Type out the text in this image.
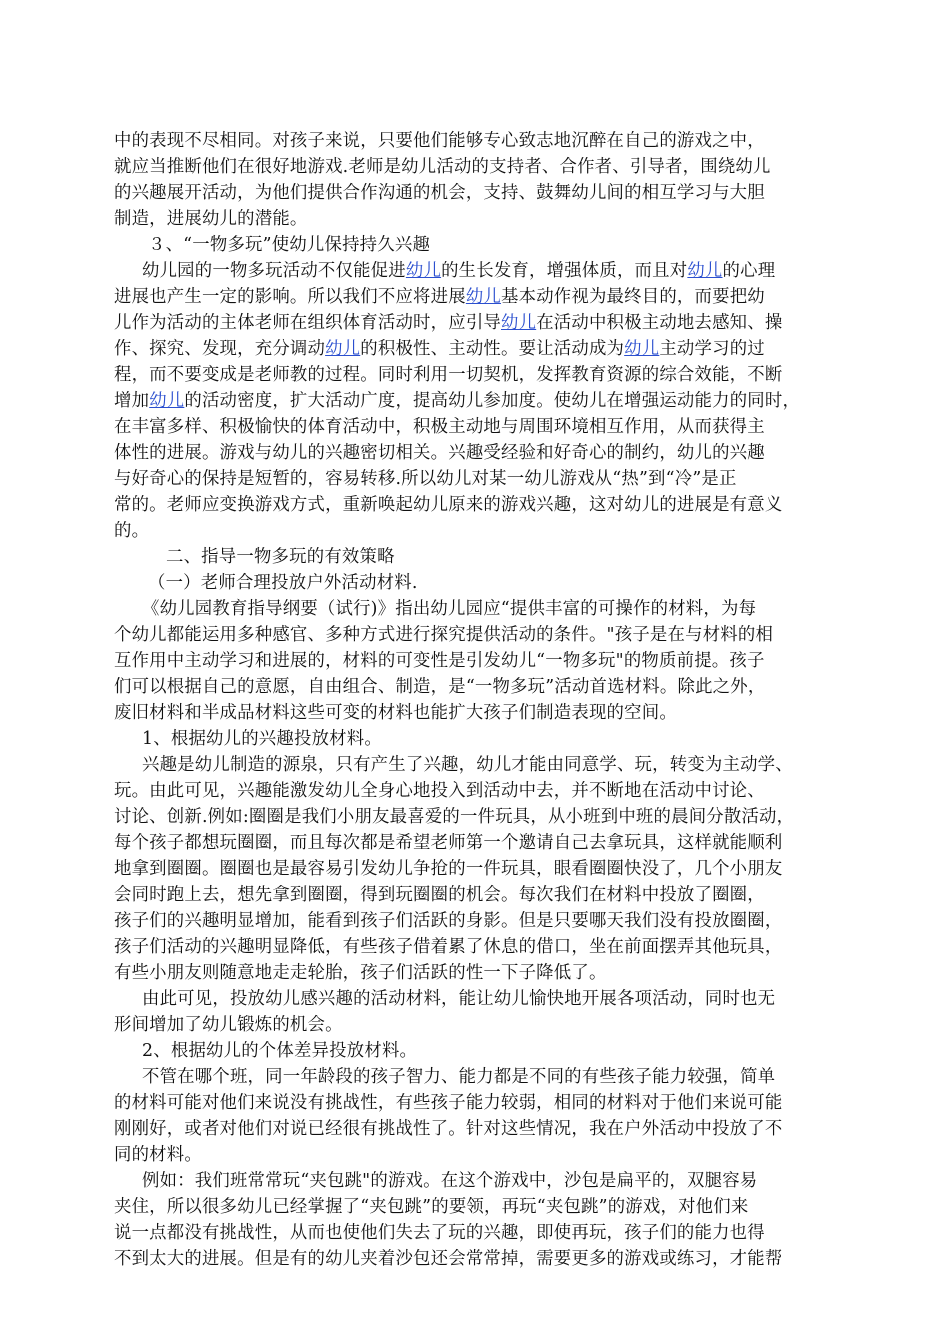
中的表现不尽相同。对孩子来说，只要他们能够专心致志地沉醉在自己的游戏之中，
就应当推断他们在很好地游戏.老师是幼儿活动的支持者、合作者、引导者，围绕幼儿
的兴趣展开活动，为他们提供合作沟通的机会，支持、鼓舞幼儿间的相互学习与大胆
制造，进展幼儿的潜能。
３、“一物多玩”使幼儿保持持久兴趣
幼儿园的一物多玩活动不仅能促进幼儿的生长发育，增强体质，而且对幼儿的心理
进展也产生一定的影响。所以我们不应将进展幼儿基本动作视为最终目的，而要把幼
儿作为活动的主体老师在组织体育活动时，应引导幼儿在活动中积极主动地去感知、操
作、探究、发现，充分调动幼儿的积极性、主动性。要让活动成为幼儿主动学习的过
程，而不要变成是老师教的过程。同时利用一切契机，发挥教育资源的综合效能，不断
增加幼儿的活动密度，扩大活动广度，提高幼儿参加度。使幼儿在增强运动能力的同时，
在丰富多样、积极愉快的体育活动中，积极主动地与周围环境相互作用，从而获得主
体性的进展。游戏与幼儿的兴趣密切相关。兴趣受经验和好奇心的制约，幼儿的兴趣
与好奇心的保持是短暂的，容易转移.所以幼儿对某一幼儿游戏从“热”到“冷”是正
常的。老师应变换游戏方式，重新唤起幼儿原来的游戏兴趣，这对幼儿的进展是有意义
的。
二、指导一物多玩的有效策略
（一）老师合理投放户外活动材料.
《幼儿园教育指导纲要（试行)》指出幼儿园应“提供丰富的可操作的材料，为每
个幼儿都能运用多种感官、多种方式进行探究提供活动的条件。"孩子是在与材料的相
互作用中主动学习和进展的，材料的可变性是引发幼儿“一物多玩"的物质前提。孩子
们可以根据自己的意愿，自由组合、制造，是“一物多玩”活动首选材料。除此之外，
废旧材料和半成品材料这些可变的材料也能扩大孩子们制造表现的空间。
1、根据幼儿的兴趣投放材料。
兴趣是幼儿制造的源泉，只有产生了兴趣，幼儿才能由同意学、玩，转变为主动学、
玩。由此可见，兴趣能激发幼儿全身心地投入到活动中去，并不断地在活动中讨论、
讨论、创新.例如:圈圈是我们小朋友最喜爱的一件玩具，从小班到中班的晨间分散活动，
每个孩子都想玩圈圈，而且每次都是希望老师第一个邀请自己去拿玩具，这样就能顺利
地拿到圈圈。圈圈也是最容易引发幼儿争抢的一件玩具，眼看圈圈快没了，几个小朋友
会同时跑上去，想先拿到圈圈，得到玩圈圈的机会。每次我们在材料中投放了圈圈，
孩子们的兴趣明显增加，能看到孩子们活跃的身影。但是只要哪天我们没有投放圈圈，
孩子们活动的兴趣明显降低，有些孩子借着累了休息的借口，坐在前面摆弄其他玩具，
有些小朋友则随意地走走轮胎，孩子们活跃的性一下子降低了。
由此可见，投放幼儿感兴趣的活动材料，能让幼儿愉快地开展各项活动，同时也无
形间增加了幼儿锻炼的机会。
2、根据幼儿的个体差异投放材料。
不管在哪个班，同一年龄段的孩子智力、能力都是不同的有些孩子能力较强，简单
的材料可能对他们来说没有挑战性，有些孩子能力较弱，相同的材料对于他们来说可能
刚刚好，或者对他们对说已经很有挑战性了。针对这些情况，我在户外活动中投放了不
同的材料。
例如：我们班常常玩“夹包跳"的游戏。在这个游戏中，沙包是扁平的，双腿容易
夹住，所以很多幼儿已经掌握了“夹包跳”的要领，再玩“夹包跳”的游戏，对他们来
说一点都没有挑战性，从而也使他们失去了玩的兴趣，即使再玩，孩子们的能力也得
不到太大的进展。但是有的幼儿夹着沙包还会常常掉，需要更多的游戏或练习，才能帮
